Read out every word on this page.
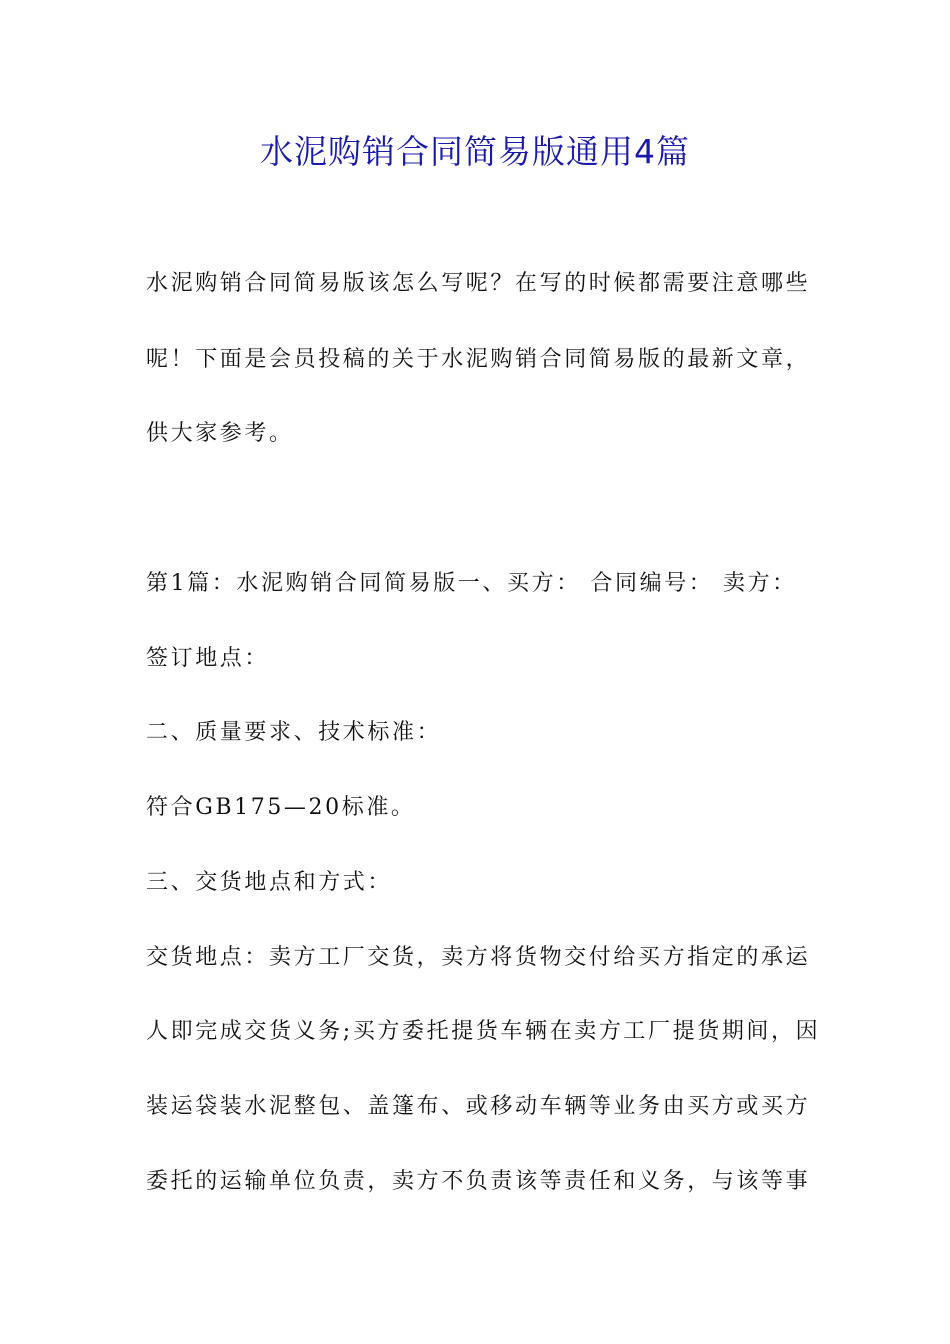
水泥购销合同简易版通用4篇

水泥购销合同简易版该怎么写呢？在写的时候都需要注意哪些

呢！下面是会员投稿的关于水泥购销合同简易版的最新文章，

供大家参考。

第1篇：水泥购销合同简易版一、买方： 合同编号： 卖方：

签订地点：

二、质量要求、技术标准：

符合GB175—20标准。

三、交货地点和方式：

交货地点：卖方工厂交货，卖方将货物交付给买方指定的承运

人即完成交货义务;买方委托提货车辆在卖方工厂提货期间，因

装运袋装水泥整包、盖篷布、或移动车辆等业务由买方或买方

委托的运输单位负责，卖方不负责该等责任和义务，与该等事
